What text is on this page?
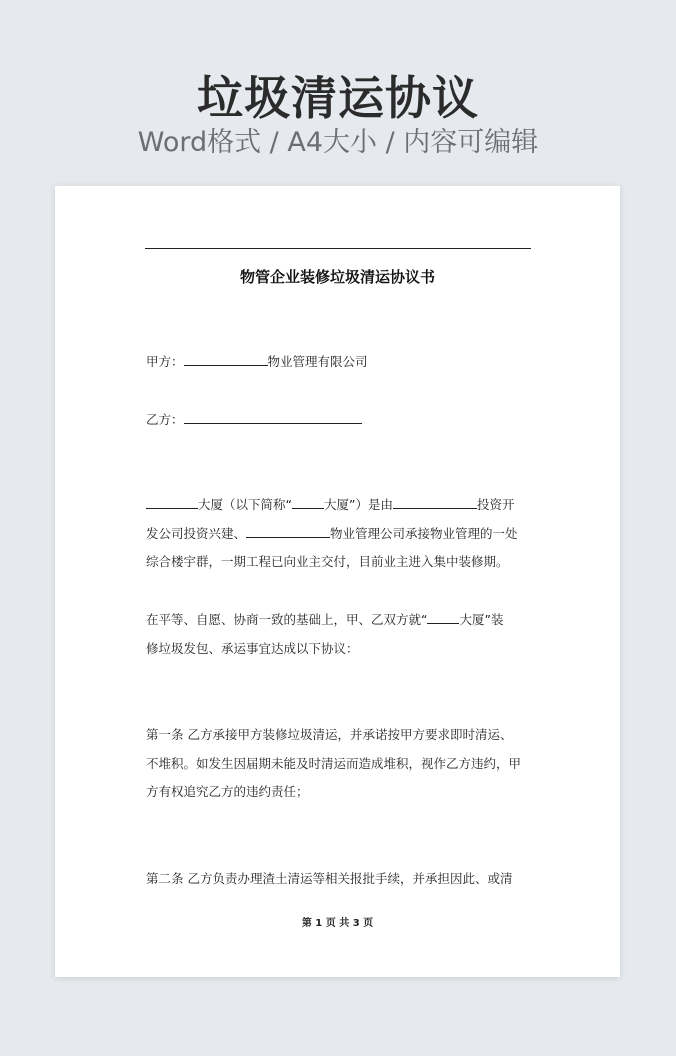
垃圾清运协议
Word格式 / A4大小 / 内容可编辑
物管企业装修垃圾清运协议书
甲方：	物业管理有限公司
乙方：
大厦（以下简称“	大厦”）是由	投资开
发公司投资兴建、	物业管理公司承接物业管理的一处
综合楼宇群，一期工程已向业主交付，目前业主进入集中装修期。
在平等、自愿、协商一致的基础上，甲、乙双方就“	大厦”装
修垃圾发包、承运事宜达成以下协议：
第一条 乙方承接甲方装修垃圾清运，并承诺按甲方要求即时清运、
不堆积。如发生因届期未能及时清运而造成堆积，视作乙方违约，甲
方有权追究乙方的违约责任；
第二条 乙方负责办理渣土清运等相关报批手续，并承担因此、或清
第 1 页 共 3 页
